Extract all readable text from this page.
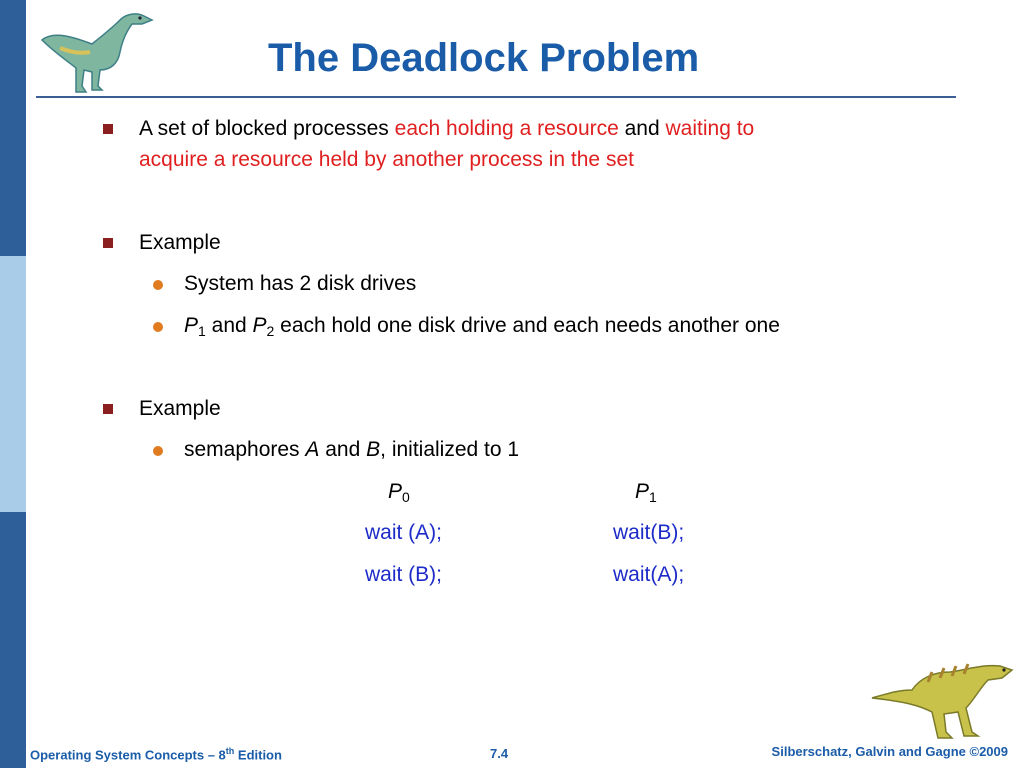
The Deadlock Problem
A set of blocked processes each holding a resource and waiting to
acquire a resource held by another process in the set
Example
System has 2 disk drives
$P_1$ and $P_2$ each hold one disk drive and each needs another one
Example
semaphores A and B, initialized to 1
$P_0$	$P_1$
wait (A);	wait(B);
wait (B);	wait(A);
Operating System Concepts – 8th Edition	7.4	Silberschatz, Galvin and Gagne ©2009
